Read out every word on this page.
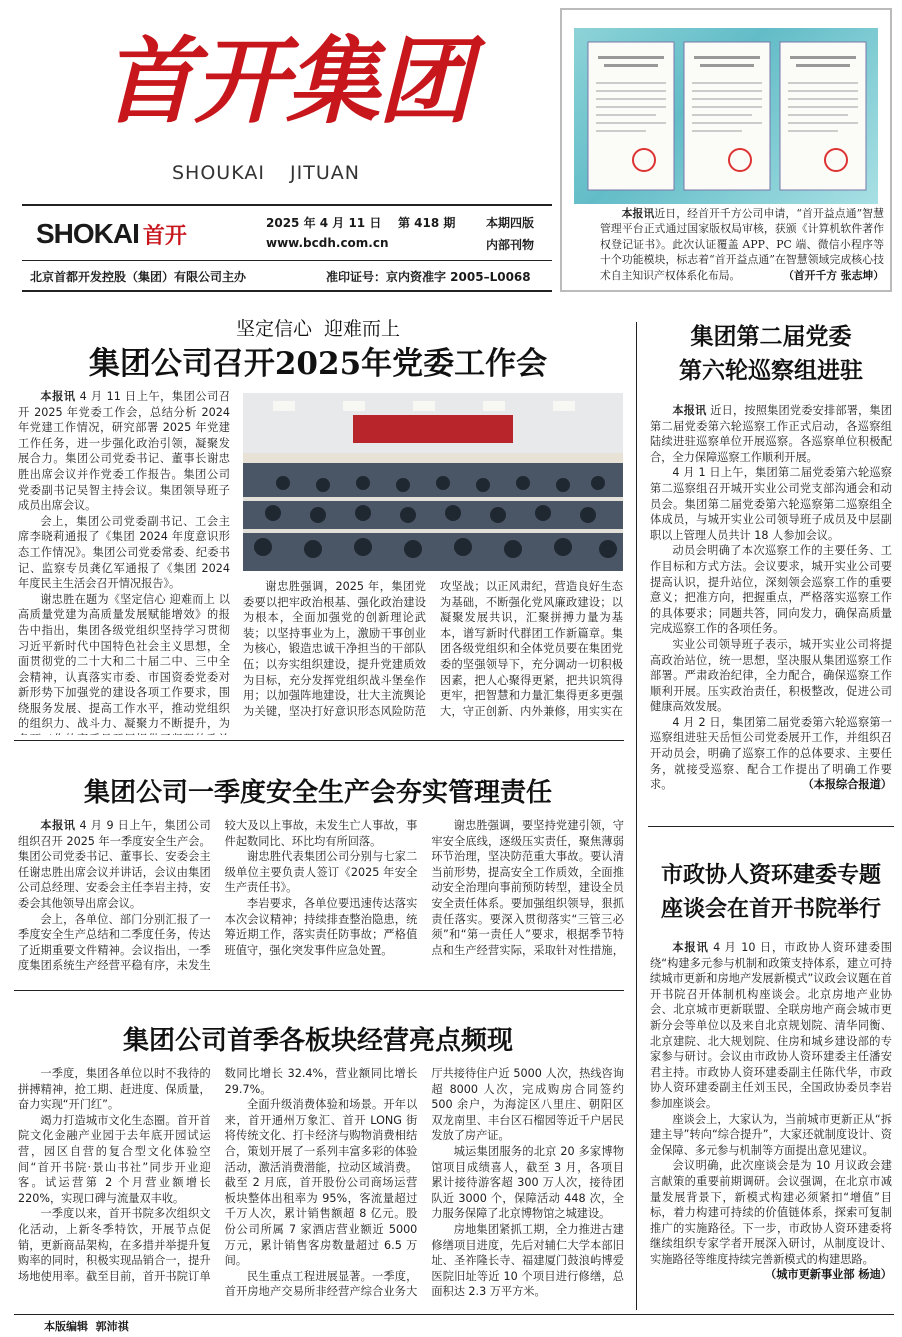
首开集团
SHOUKAI JITUAN
SHOKAI 首开
2025 年 4 月 11 日 第 418 期	本期四版
www.bcdh.com.cn	内部刊物
北京首都开发控股（集团）有限公司主办	准印证号：京内资准字 2005–L0068

本报讯近日，经首开千方公司申请，“首开益点通”智慧管理平台正式通过国家版权局审核，获颁《计算机软件著作权登记证书》。此次认证覆盖 APP、PC 端、微信小程序等十个功能模块，标志着“首开益点通”在智慧领域完成核心技术自主知识产权体系化布局。	（首开千方 张志坤）

坚定信心  迎难而上
集团公司召开2025年党委工作会

本报讯 4 月 11 日上午，集团公司召开 2025 年党委工作会，总结分析 2024 年党建工作情况，研究部署 2025 年党建工作任务，进一步强化政治引领，凝聚发展合力。集团公司党委书记、董事长谢忠胜出席会议并作党委工作报告。集团公司党委副书记吴智主持会议。集团领导班子成员出席会议。

会上，集团公司党委副书记、工会主席李晓莉通报了《集团 2024 年度意识形态工作情况》。集团公司党委常委、纪委书记、监察专员龚亿军通报了《集团 2024 年度民主生活会召开情况报告》。

谢忠胜在题为《坚定信心 迎难而上 以高质量党建为高质量发展赋能增效》的报告中指出，集团各级党组织坚持学习贯彻习近平新时代中国特色社会主义思想，全面贯彻党的二十大和二十届二中、三中全会精神，认真落实市委、市国资委党委对新形势下加强党的建设各项工作要求，围绕服务发展、提高工作水平，推动党组织的组织力、战斗力、凝聚力不断提升，为

谢忠胜强调，2025 年，集团党委要以把牢政治根基、强化政治建设为根本，全面加强党的创新理论武装；以坚持事业为上，激励干事创业为核心，锻造忠诚干净担当的干部队伍；以夯实组织建设，提升党建质效为目标，充分发挥党组织战斗堡垒作用；以加强阵地建设，壮大主流舆论为关键，坚决打好意识形态风险防范攻坚战；以正风肃纪，营造良好生态为基础，不断强化党风廉政建设；以凝聚发展共识，汇聚拼搏力量为基本，谱写新时代群团工作新篇章。集团各级党组织和全体党员要在集团党委的坚强领导下，充分调动一切积极因素，把人心聚得更紧，把共识筑得更牢，把智慧和力量汇集得更多更强大，守正创新、内外兼修，用实实在

集团公司一季度安全生产会夯实管理责任

本报讯 4 月 9 日上午，集团公司组织召开 2025 年一季度安全生产会。集团公司党委书记、董事长、安委会主任谢忠胜出席会议并讲话，会议由集团公司总经理、安委会主任李岩主持，安委会其他领导出席会议。

会上，各单位、部门分别汇报了一季度安全生产总结和二季度任务，传达了近期重要文件精神。会议指出，一季度集团系统生产经营平稳有序，未发生较大及以上事故，未发生亡人事故，事件起数同比、环比均有所回落。

谢忠胜代表集团公司分别与七家二级单位主要负责人签订《2025 年安全生产责任书》。

李岩要求，各单位要迅速传达落实本次会议精神；持续排查整治隐患，统筹近期工作，落实责任防事故；严格值班值守，强化突发事件应急处置。

谢忠胜强调，要坚持党建引领，守牢安全底线，逐级压实责任，聚焦薄弱环节治理，坚决防范重大事故。要认清当前形势，提高安全工作质效，全面推动安全治理向事前预防转型，建设全员安全责任体系。要加强组织领导，狠抓责任落实。要深入贯彻落实“三管三必须”和“第一责任人”要求，根据季节特点和生产经营实际，采取针对性措施，

集团公司首季各板块经营亮点频现

一季度，集团各单位以时不我待的拼搏精神，抢工期、赶进度、保质量，奋力实现“开门红”。

竭力打造城市文化生态圈。首开首院文化金融产业园于去年底开园试运营，园区自营的复合型文化体验空间“首开书院·景山书社”同步开业迎客。试运营第 2 个月营业额增长 220%，实现口碑与流量双丰收。

一季度以来，首开书院多次组织文化活动，上新冬季特饮，开展节点促销，更新商品架构，在多措并举提升复购率的同时，积极实现品销合一，提升场地使用率。截至目前，首开书院订单数同比增长 32.4%，营业额同比增长 29.7%。

全面升级消费体验和场景。开年以来，首开通州万象汇、首开 LONG 街将传统文化、打卡经济与购物消费相结合，策划开展了一系列丰富多彩的体验活动，激活消费潜能，拉动区域消费。截至 2 月底，首开股份公司商场运营板块整体出租率为 95%，客流量超过千万人次，累计销售额超 8 亿元。股份公司所属 7 家酒店营业额近 5000 万元，累计销售客房数量超过 6.5 万间。

民生重点工程进展显著。一季度，首开房地产交易所非经营产综合业务大厅共接待住户近 5000 人次，热线咨询超 8000 人次，完成购房合同签约 500 余户，为海淀区八里庄、朝阳区双龙南里、丰台区石榴园等近千户居民发放了房产证。

城运集团服务的北京 20 多家博物馆项目成绩喜人，截至 3 月，各项目累计接待游客超 300 万人次，接待团队近 3000 个，保障活动 448 次，全力服务保障了北京博物馆之城建设。

房地集团紧抓工期，全力推进古建修缮项目进度，先后对辅仁大学本部旧址、圣祚隆长寺、福建厦门鼓浪屿博爱医院旧址等近 10 个项目进行修缮，总面积达 2.3 万平方米。

集团第二届党委
第六轮巡察组进驻

本报讯 近日，按照集团党委安排部署，集团第二届党委第六轮巡察工作正式启动，各巡察组陆续进驻巡察单位开展巡察。各巡察单位积极配合，全力保障巡察工作顺利开展。

4 月 1 日上午，集团第二届党委第六轮巡察第二巡察组召开城开实业公司党支部沟通会和动员会。集团第二届党委第六轮巡察第二巡察组全体成员，与城开实业公司领导班子成员及中层副职以上管理人员共计 18 人参加会议。

动员会明确了本次巡察工作的主要任务、工作目标和方式方法。会议要求，城开实业公司要提高认识，提升站位，深刻领会巡察工作的重要意义；把准方向，把握重点，严格落实巡察工作的具体要求；同题共答，同向发力，确保高质量完成巡察工作的各项任务。

实业公司领导班子表示，城开实业公司将提高政治站位，统一思想，坚决服从集团巡察工作部署。严肃政治纪律，全力配合，确保巡察工作顺利开展。压实政治责任，积极整改，促进公司健康高效发展。

4 月 2 日，集团第二届党委第六轮巡察第一巡察组进驻天岳恒公司党委展开工作，并组织召开动员会，明确了巡察工作的总体要求、主要任务，就接受巡察、配合工作提出了明确工作要求。	（本报综合报道）

市政协人资环建委专题
座谈会在首开书院举行

本报讯 4 月 10 日，市政协人资环建委围绕“构建多元参与机制和政策支持体系，建立可持续城市更新和房地产发展新模式”议政会议题在首开书院召开体制机构座谈会。北京房地产业协会、北京城市更新联盟、全联房地产商会城市更新分会等单位以及来自北京规划院、清华同衡、北京建院、北大规划院、住房和城乡建设部的专家参与研讨。会议由市政协人资环建委主任潘安君主持。市政协人资环建委副主任陈代华，市政协人资环建委副主任刘玉民，全国政协委员李岩参加座谈会。

座谈会上，大家认为，当前城市更新正从“拆建主导”转向“综合提升”，大家还就制度设计、资金保障、多元参与机制等方面提出意见建议。

会议明确，此次座谈会是为 10 月议政会建言献策的重要前期调研。会议强调，在北京市减量发展背景下，新模式构建必须紧扣“增值”目标，着力构建可持续的价值链体系，探索可复制推广的实施路径。下一步，市政协人资环建委将继续组织专家学者开展深入研讨，从制度设计、实施路径等维度持续完善新模式的构建思路。
（城市更新事业部 杨迪）

本版编辑  郭沛祺
